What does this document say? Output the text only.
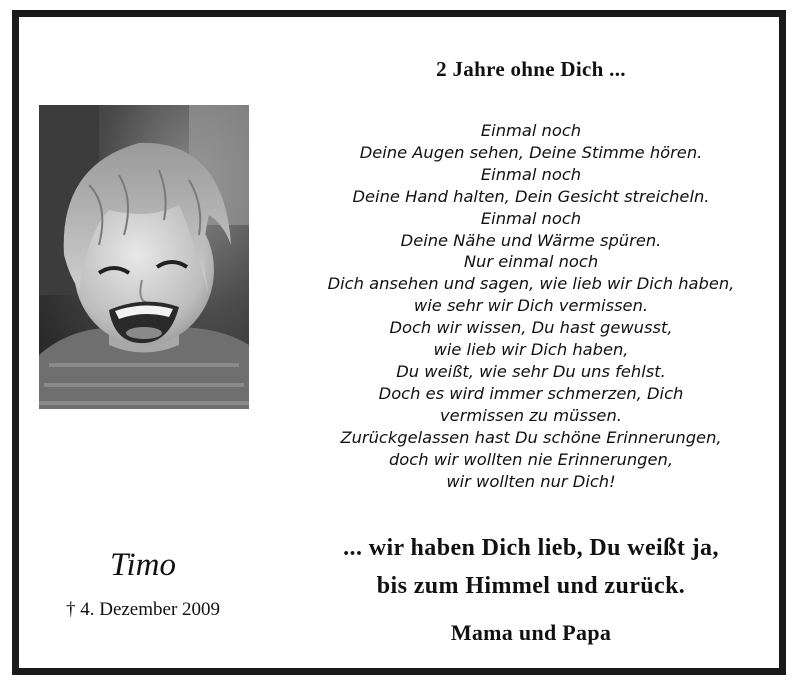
Timo
† 4. Dezember 2009
2 Jahre ohne Dich ...
Einmal noch
Deine Augen sehen, Deine Stimme hören.
Einmal noch
Deine Hand halten, Dein Gesicht streicheln.
Einmal noch
Deine Nähe und Wärme spüren.
Nur einmal noch
Dich ansehen und sagen, wie lieb wir Dich haben,
wie sehr wir Dich vermissen.
Doch wir wissen, Du hast gewusst,
wie lieb wir Dich haben,
Du weißt, wie sehr Du uns fehlst.
Doch es wird immer schmerzen, Dich
vermissen zu müssen.
Zurückgelassen hast Du schöne Erinnerungen,
doch wir wollten nie Erinnerungen,
wir wollten nur Dich!
... wir haben Dich lieb, Du weißt ja,
bis zum Himmel und zurück.
Mama und Papa
